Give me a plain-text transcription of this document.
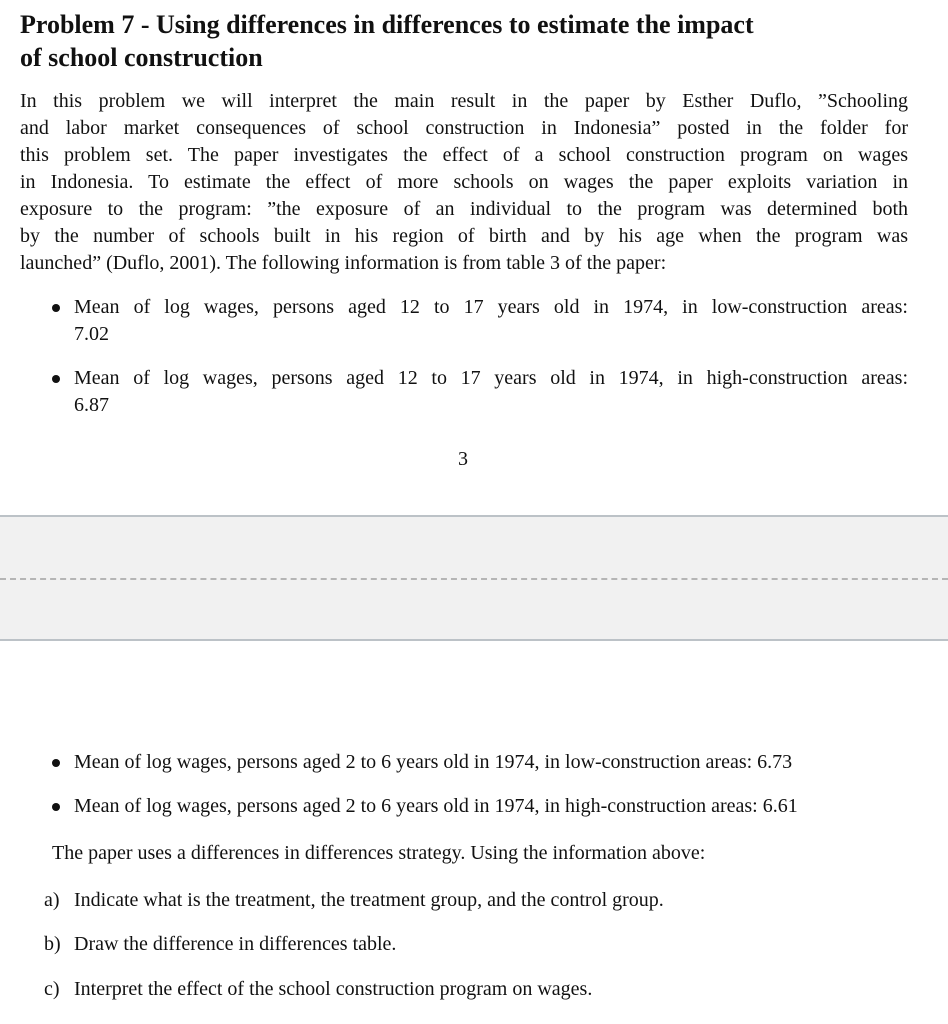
Problem 7 - Using differences in differences to estimate the impact
of school construction
In this problem we will interpret the main result in the paper by Esther Duflo, ”Schooling
and labor market consequences of school construction in Indonesia” posted in the folder for
this problem set. The paper investigates the effect of a school construction program on wages
in Indonesia. To estimate the effect of more schools on wages the paper exploits variation in
exposure to the program: ”the exposure of an individual to the program was determined both
by the number of schools built in his region of birth and by his age when the program was
launched” (Duflo, 2001). The following information is from table 3 of the paper:
Mean of log wages, persons aged 12 to 17 years old in 1974, in low-construction areas:
7.02
Mean of log wages, persons aged 12 to 17 years old in 1974, in high-construction areas:
6.87
3
Mean of log wages, persons aged 2 to 6 years old in 1974, in low-construction areas: 6.73
Mean of log wages, persons aged 2 to 6 years old in 1974, in high-construction areas: 6.61
The paper uses a differences in differences strategy. Using the information above:
a) Indicate what is the treatment, the treatment group, and the control group.
b) Draw the difference in differences table.
c) Interpret the effect of the school construction program on wages.
